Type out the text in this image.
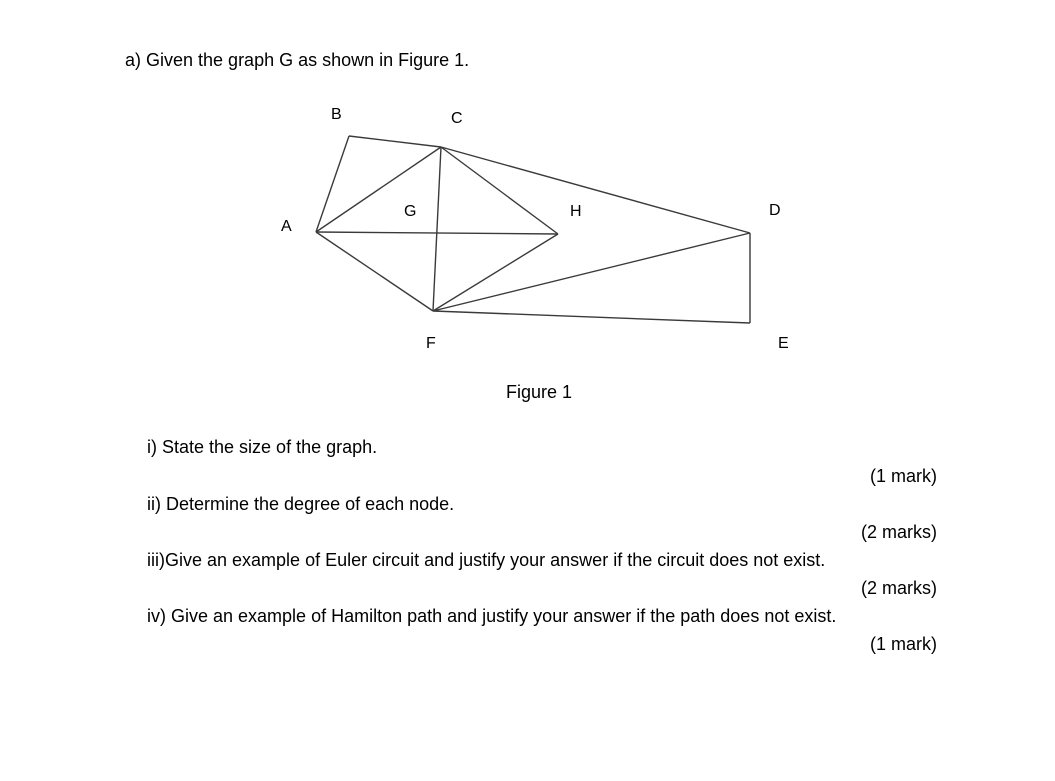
a) Given the graph G as shown in Figure 1.
B	C
A
G	H	D
F	E
Figure 1
i) State the size of the graph.
(1 mark)
ii) Determine the degree of each node.
(2 marks)
iii)Give an example of Euler circuit and justify your answer if the circuit does not exist.
(2 marks)
iv) Give an example of Hamilton path and justify your answer if the path does not exist.
(1 mark)
